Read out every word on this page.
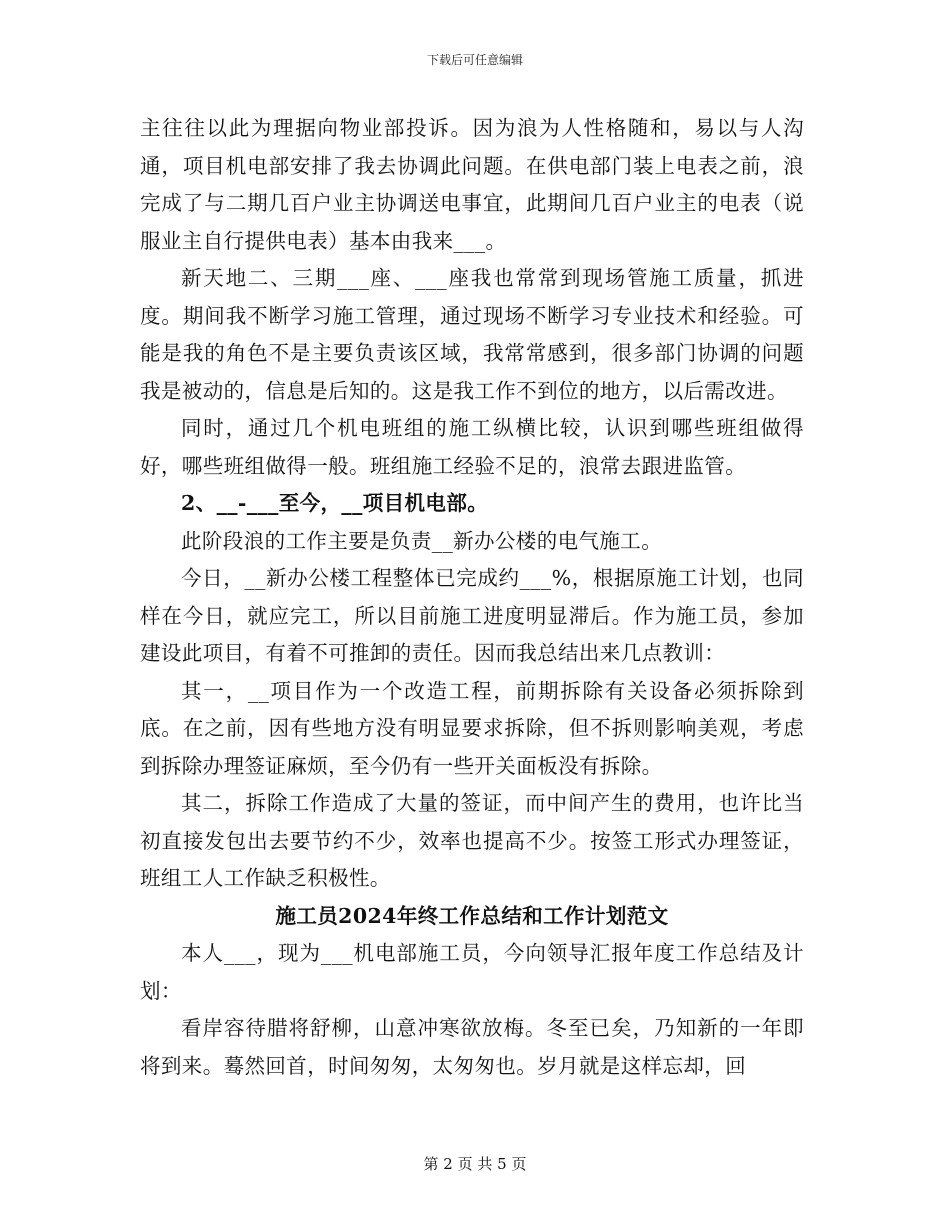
下载后可任意编辑

主往往以此为理据向物业部投诉。因为浪为人性格随和，易以与人沟通，项目机电部安排了我去协调此问题。在供电部门装上电表之前，浪完成了与二期几百户业主协调送电事宜，此期间几百户业主的电表（说服业主自行提供电表）基本由我来___。

新天地二、三期___座、___座我也常常到现场管施工质量，抓进度。期间我不断学习施工管理，通过现场不断学习专业技术和经验。可能是我的角色不是主要负责该区域，我常常感到，很多部门协调的问题我是被动的，信息是后知的。这是我工作不到位的地方，以后需改进。

同时，通过几个机电班组的施工纵横比较，认识到哪些班组做得好，哪些班组做得一般。班组施工经验不足的，浪常去跟进监管。

2、__-___至今，__项目机电部。

此阶段浪的工作主要是负责__新办公楼的电气施工。

今日，__新办公楼工程整体已完成约___%，根据原施工计划，也同样在今日，就应完工，所以目前施工进度明显滞后。作为施工员，参加建设此项目，有着不可推卸的责任。因而我总结出来几点教训：

其一，__项目作为一个改造工程，前期拆除有关设备必须拆除到底。在之前，因有些地方没有明显要求拆除，但不拆则影响美观，考虑到拆除办理签证麻烦，至今仍有一些开关面板没有拆除。

其二，拆除工作造成了大量的签证，而中间产生的费用，也许比当初直接发包出去要节约不少，效率也提高不少。按签工形式办理签证，班组工人工作缺乏积极性。

施工员2024年终工作总结和工作计划范文

本人___，现为___机电部施工员，今向领导汇报年度工作总结及计划：

看岸容待腊将舒柳，山意冲寒欲放梅。冬至已矣，乃知新的一年即将到来。蓦然回首，时间匆匆，太匆匆也。岁月就是这样忘却，回

第 2 页 共 5 页
